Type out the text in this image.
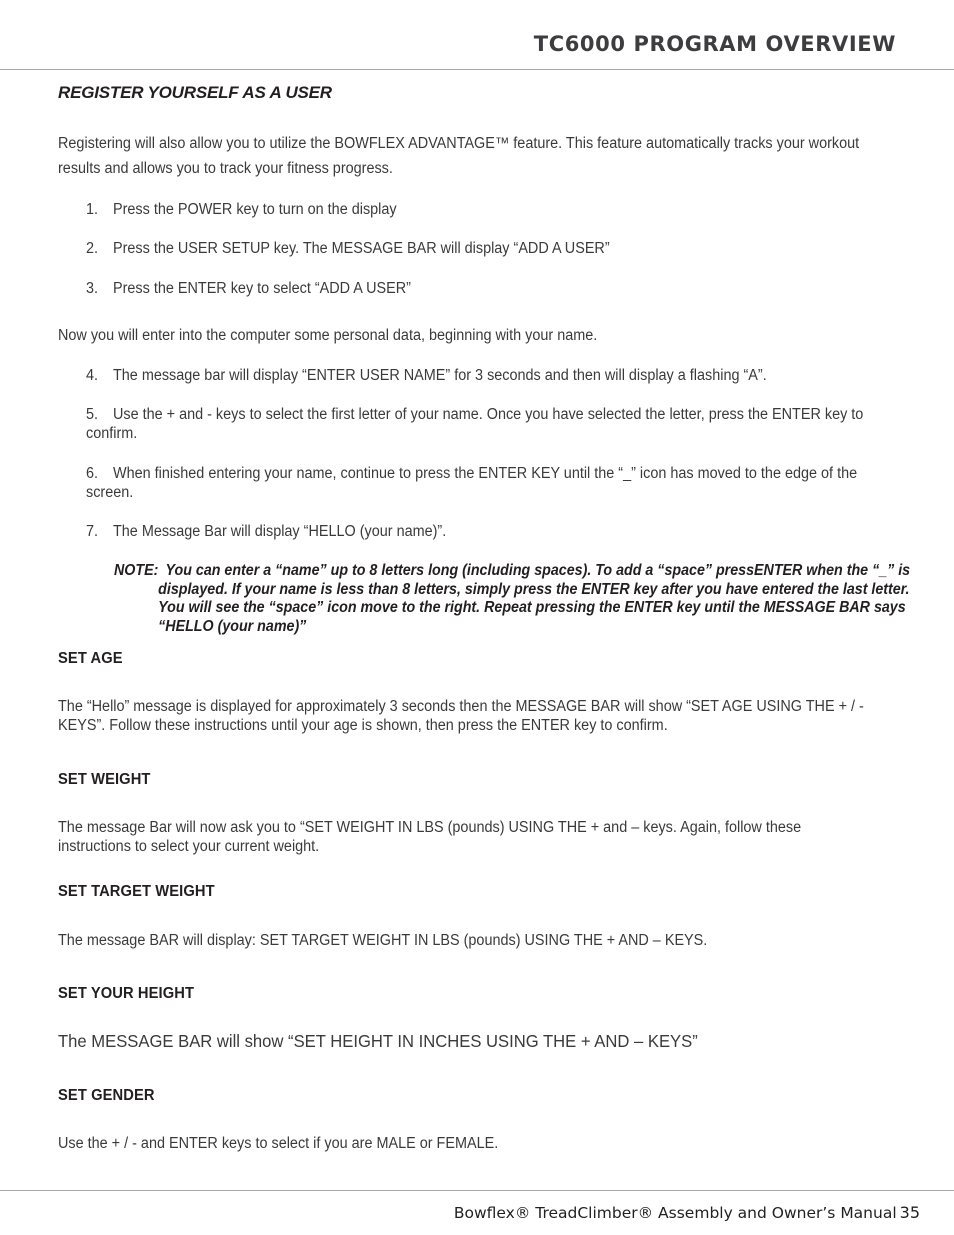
TC6000 PROGRAM OVERVIEW
REGISTER YOURSELF AS A USER
Registering will also allow you to utilize the BOWFLEX ADVANTAGE™ feature. This feature automatically tracks your workout results and allows you to track your fitness progress.
1. Press the POWER key to turn on the display
2. Press the USER SETUP key. The MESSAGE BAR will display “ADD A USER”
3. Press the ENTER key to select “ADD A USER”
Now you will enter into the computer some personal data, beginning with your name.
4. The message bar will display “ENTER USER NAME” for 3 seconds and then will display a flashing “A”.
5. Use the + and - keys to select the first letter of your name. Once you have selected the letter, press the ENTER key to confirm.
6. When finished entering your name, continue to press the ENTER KEY until the “_” icon has moved to the edge of the screen.
7. The Message Bar will display “HELLO (your name)”.
NOTE: You can enter a “name” up to 8 letters long (including spaces). To add a “space” pressENTER when the “_” is displayed. If your name is less than 8 letters, simply press the ENTER key after you have entered the last letter. You will see the “space” icon move to the right. Repeat pressing the ENTER key until the MESSAGE BAR says “HELLO (your name)”
SET AGE
The “Hello” message is displayed for approximately 3 seconds then the MESSAGE BAR will show “SET AGE USING THE + / - KEYS”. Follow these instructions until your age is shown, then press the ENTER key to confirm.
SET WEIGHT
The message Bar will now ask you to “SET WEIGHT IN LBS (pounds) USING THE + and – keys. Again, follow these instructions to select your current weight.
SET TARGET WEIGHT
The message BAR will display: SET TARGET WEIGHT IN LBS (pounds) USING THE + AND – KEYS.
SET YOUR HEIGHT
The MESSAGE BAR will show “SET HEIGHT IN INCHES USING THE + AND – KEYS”
SET GENDER
Use the + / - and ENTER keys to select if you are MALE or FEMALE.
Bowflex® TreadClimber® Assembly and Owner’s Manual 35
